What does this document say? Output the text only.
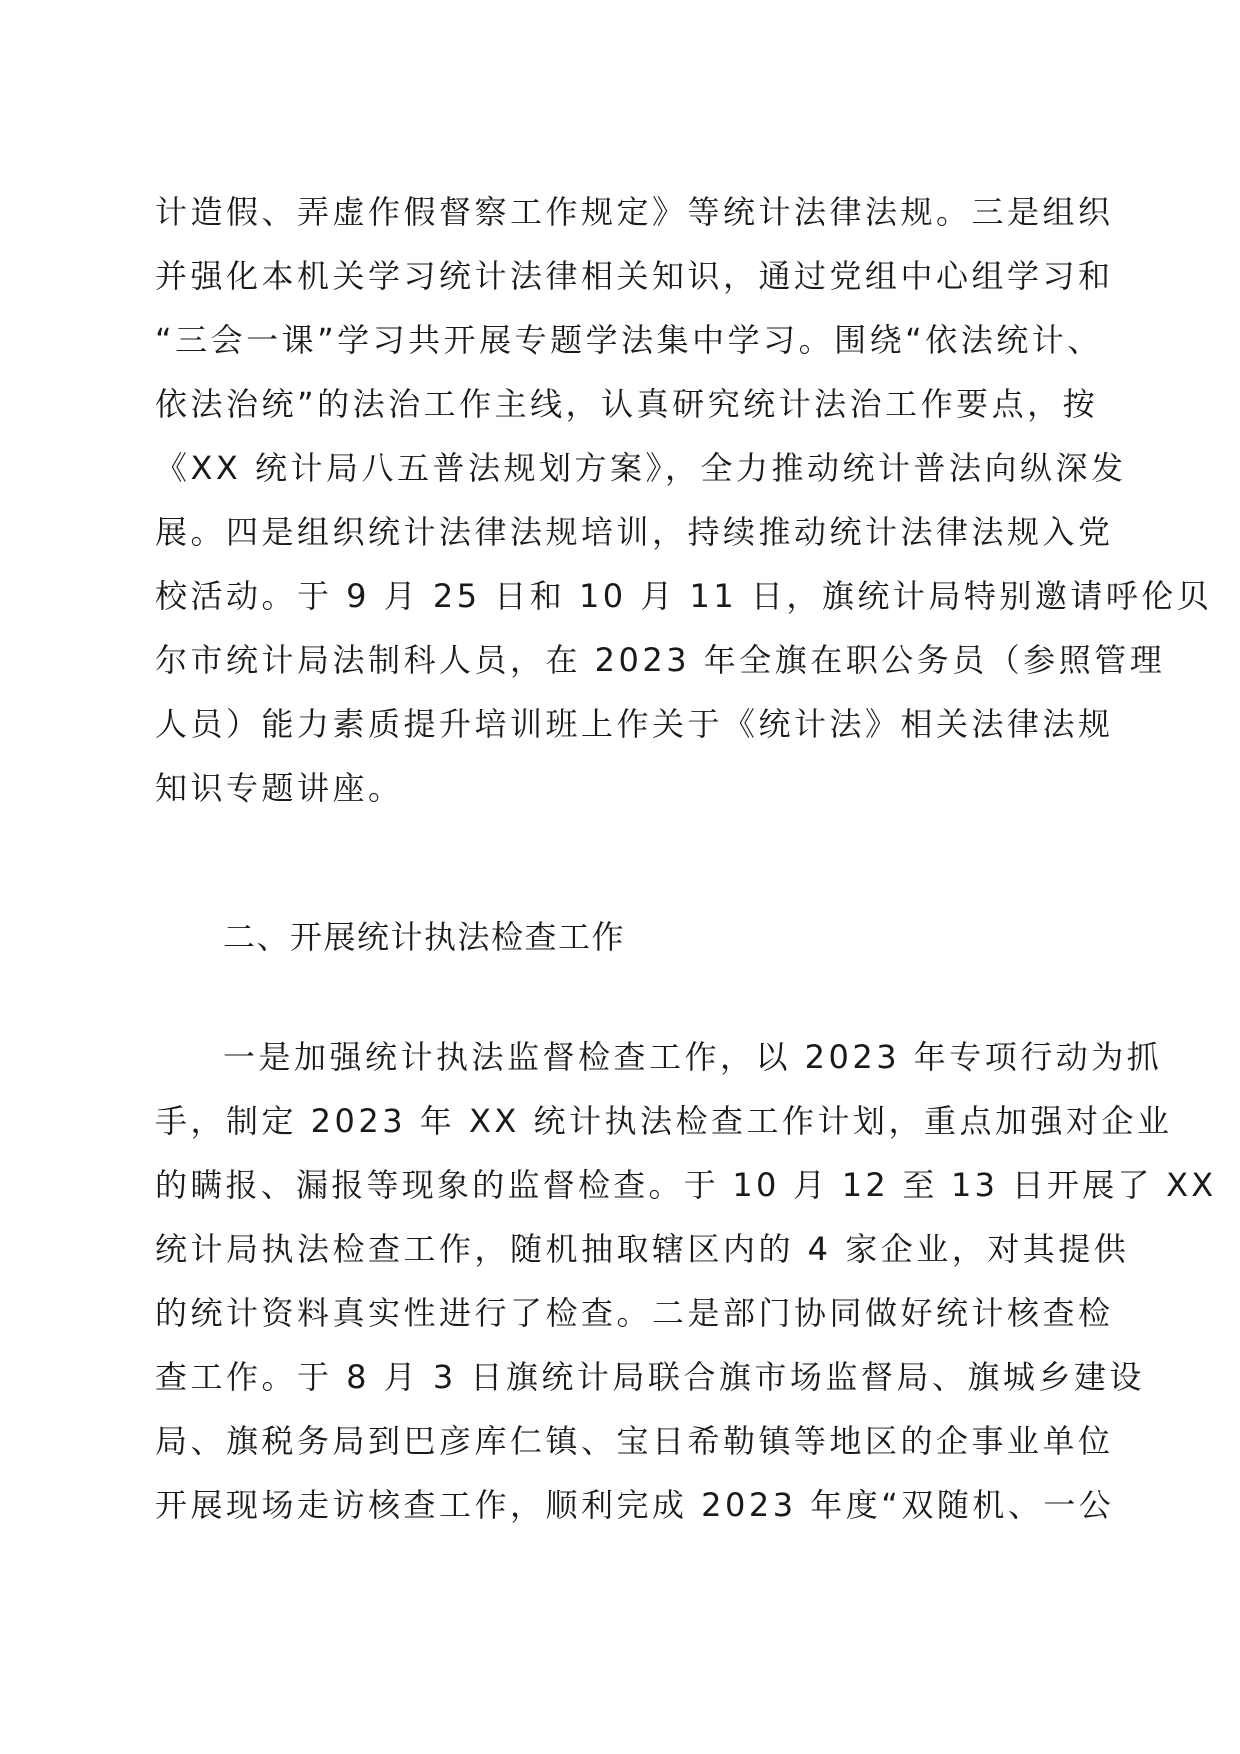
计造假、弄虚作假督察工作规定》等统计法律法规。三是组织
并强化本机关学习统计法律相关知识，通过党组中心组学习和
“三会一课”学习共开展专题学法集中学习。围绕“依法统计、
依法治统”的法治工作主线，认真研究统计法治工作要点，按
《XX 统计局八五普法规划方案》，全力推动统计普法向纵深发
展。四是组织统计法律法规培训，持续推动统计法律法规入党
校活动。于 9 月 25 日和 10 月 11 日，旗统计局特别邀请呼伦贝
尔市统计局法制科人员，在 2023 年全旗在职公务员（参照管理
人员）能力素质提升培训班上作关于《统计法》相关法律法规
知识专题讲座。
二、开展统计执法检查工作
一是加强统计执法监督检查工作，以 2023 年专项行动为抓
手，制定 2023 年 XX 统计执法检查工作计划，重点加强对企业
的瞒报、漏报等现象的监督检查。于 10 月 12 至 13 日开展了 XX
统计局执法检查工作，随机抽取辖区内的 4 家企业，对其提供
的统计资料真实性进行了检查。二是部门协同做好统计核查检
查工作。于 8 月 3 日旗统计局联合旗市场监督局、旗城乡建设
局、旗税务局到巴彦库仁镇、宝日希勒镇等地区的企事业单位
开展现场走访核查工作，顺利完成 2023 年度“双随机、一公
